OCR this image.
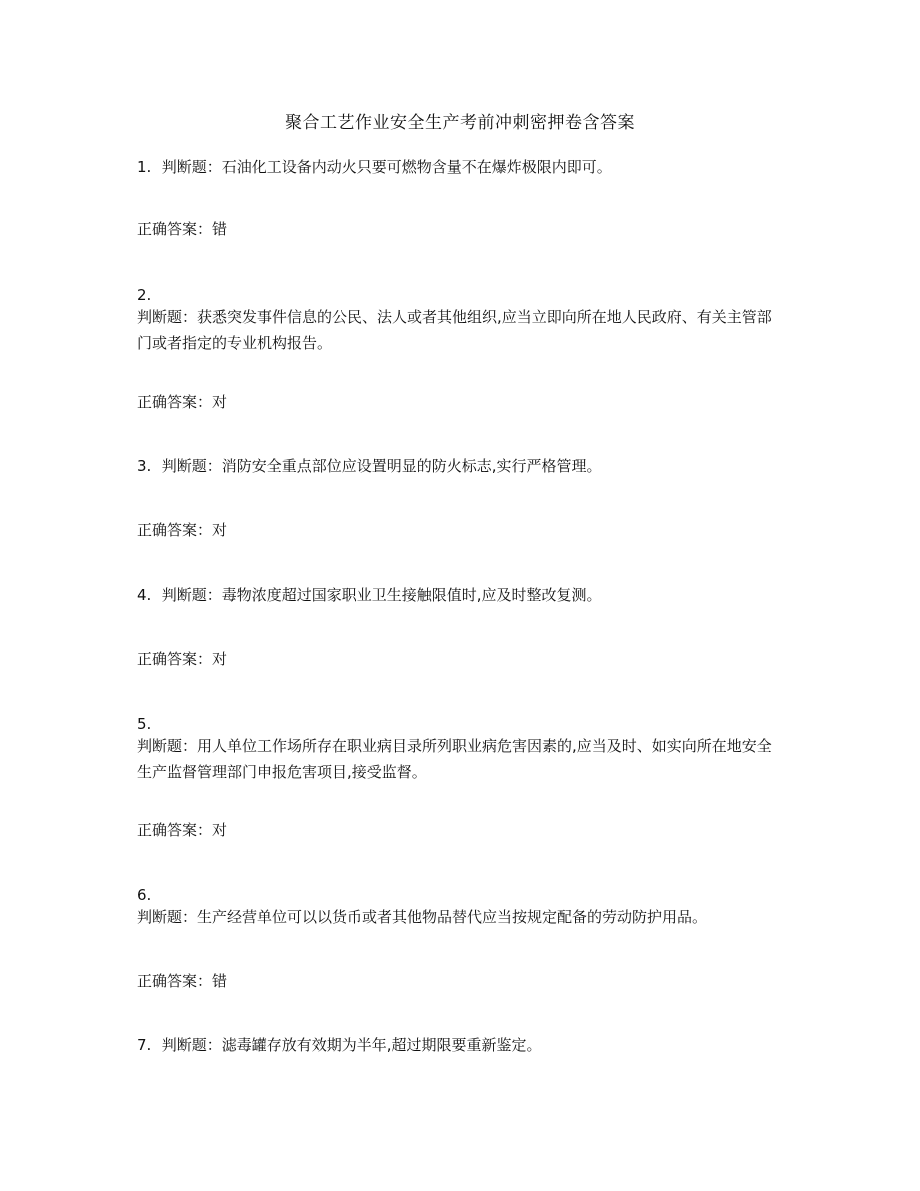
聚合工艺作业安全生产考前冲刺密押卷含答案
1. 判断题：石油化工设备内动火只要可燃物含量不在爆炸极限内即可。
正确答案：错
2.
判断题：获悉突发事件信息的公民、法人或者其他组织,应当立即向所在地人民政府、有关主管部门或者指定的专业机构报告。
正确答案：对
3. 判断题：消防安全重点部位应设置明显的防火标志,实行严格管理。
正确答案：对
4. 判断题：毒物浓度超过国家职业卫生接触限值时,应及时整改复测。
正确答案：对
5.
判断题：用人单位工作场所存在职业病目录所列职业病危害因素的,应当及时、如实向所在地安全生产监督管理部门申报危害项目,接受监督。
正确答案：对
6.
判断题：生产经营单位可以以货币或者其他物品替代应当按规定配备的劳动防护用品。
正确答案：错
7. 判断题：滤毒罐存放有效期为半年,超过期限要重新鉴定。
